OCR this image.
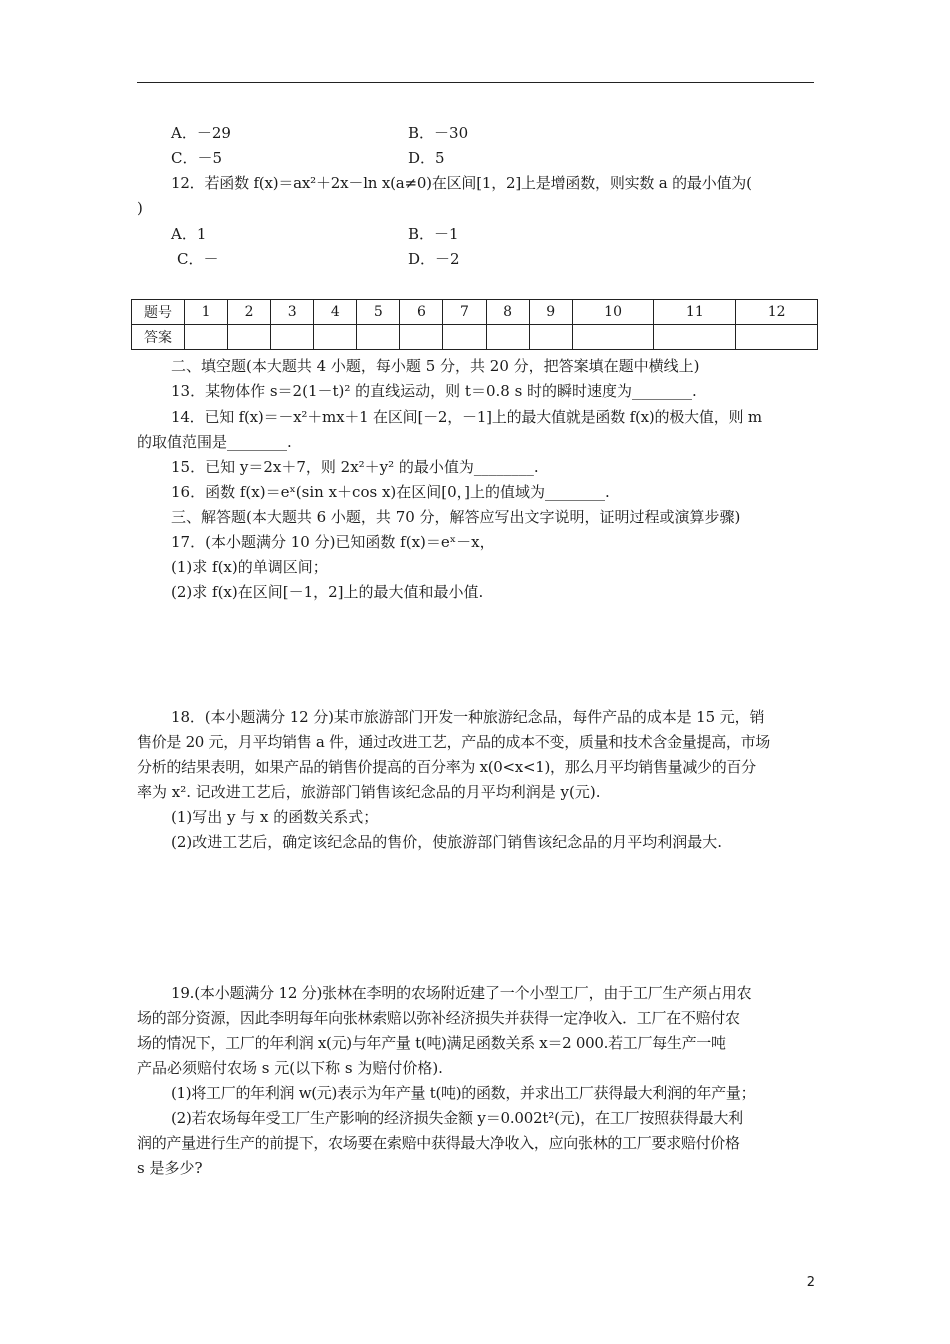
A．－29	B．－30
C．－5	D．5
12．若函数 f(x)＝ax²＋2x－ln x(a≠0)在区间[1，2]上是增函数，则实数 a 的最小值为(
)
A．1	B．－1
C．－	D．－2
题号	1	2	3	4	5	6	7	8	9	10	11	12
答案												
二、填空题(本大题共 4 小题，每小题 5 分，共 20 分，把答案填在题中横线上)
13．某物体作 s＝2(1－t)² 的直线运动，则 t＝0.8 s 时的瞬时速度为________.
14．已知 f(x)＝－x²＋mx＋1 在区间[－2，－1]上的最大值就是函数 f(x)的极大值，则 m
的取值范围是________.
15．已知 y＝2x＋7，则 2x²＋y² 的最小值为________.
16．函数 f(x)＝eˣ(sin x＋cos x)在区间[0，]上的值域为________.
三、解答题(本大题共 6 小题，共 70 分，解答应写出文字说明，证明过程或演算步骤)
17．(本小题满分 10 分)已知函数 f(x)＝eˣ－x，
(1)求 f(x)的单调区间；
(2)求 f(x)在区间[－1，2]上的最大值和最小值.
18．(本小题满分 12 分)某市旅游部门开发一种旅游纪念品，每件产品的成本是 15 元，销
售价是 20 元，月平均销售 a 件，通过改进工艺，产品的成本不变，质量和技术含金量提高，市场
分析的结果表明，如果产品的销售价提高的百分率为 x(0<x<1)，那么月平均销售量减少的百分
率为 x². 记改进工艺后，旅游部门销售该纪念品的月平均利润是 y(元).
(1)写出 y 与 x 的函数关系式；
(2)改进工艺后，确定该纪念品的售价，使旅游部门销售该纪念品的月平均利润最大.
19.(本小题满分 12 分)张林在李明的农场附近建了一个小型工厂，由于工厂生产须占用农
场的部分资源，因此李明每年向张林索赔以弥补经济损失并获得一定净收入．工厂在不赔付农
场的情况下，工厂的年利润 x(元)与年产量 t(吨)满足函数关系 x＝2 000.若工厂每生产一吨
产品必须赔付农场 s 元(以下称 s 为赔付价格).
(1)将工厂的年利润 w(元)表示为年产量 t(吨)的函数，并求出工厂获得最大利润的年产量；
(2)若农场每年受工厂生产影响的经济损失金额 y＝0.002t²(元)，在工厂按照获得最大利
润的产量进行生产的前提下，农场要在索赔中获得最大净收入，应向张林的工厂要求赔付价格
s 是多少?
2
